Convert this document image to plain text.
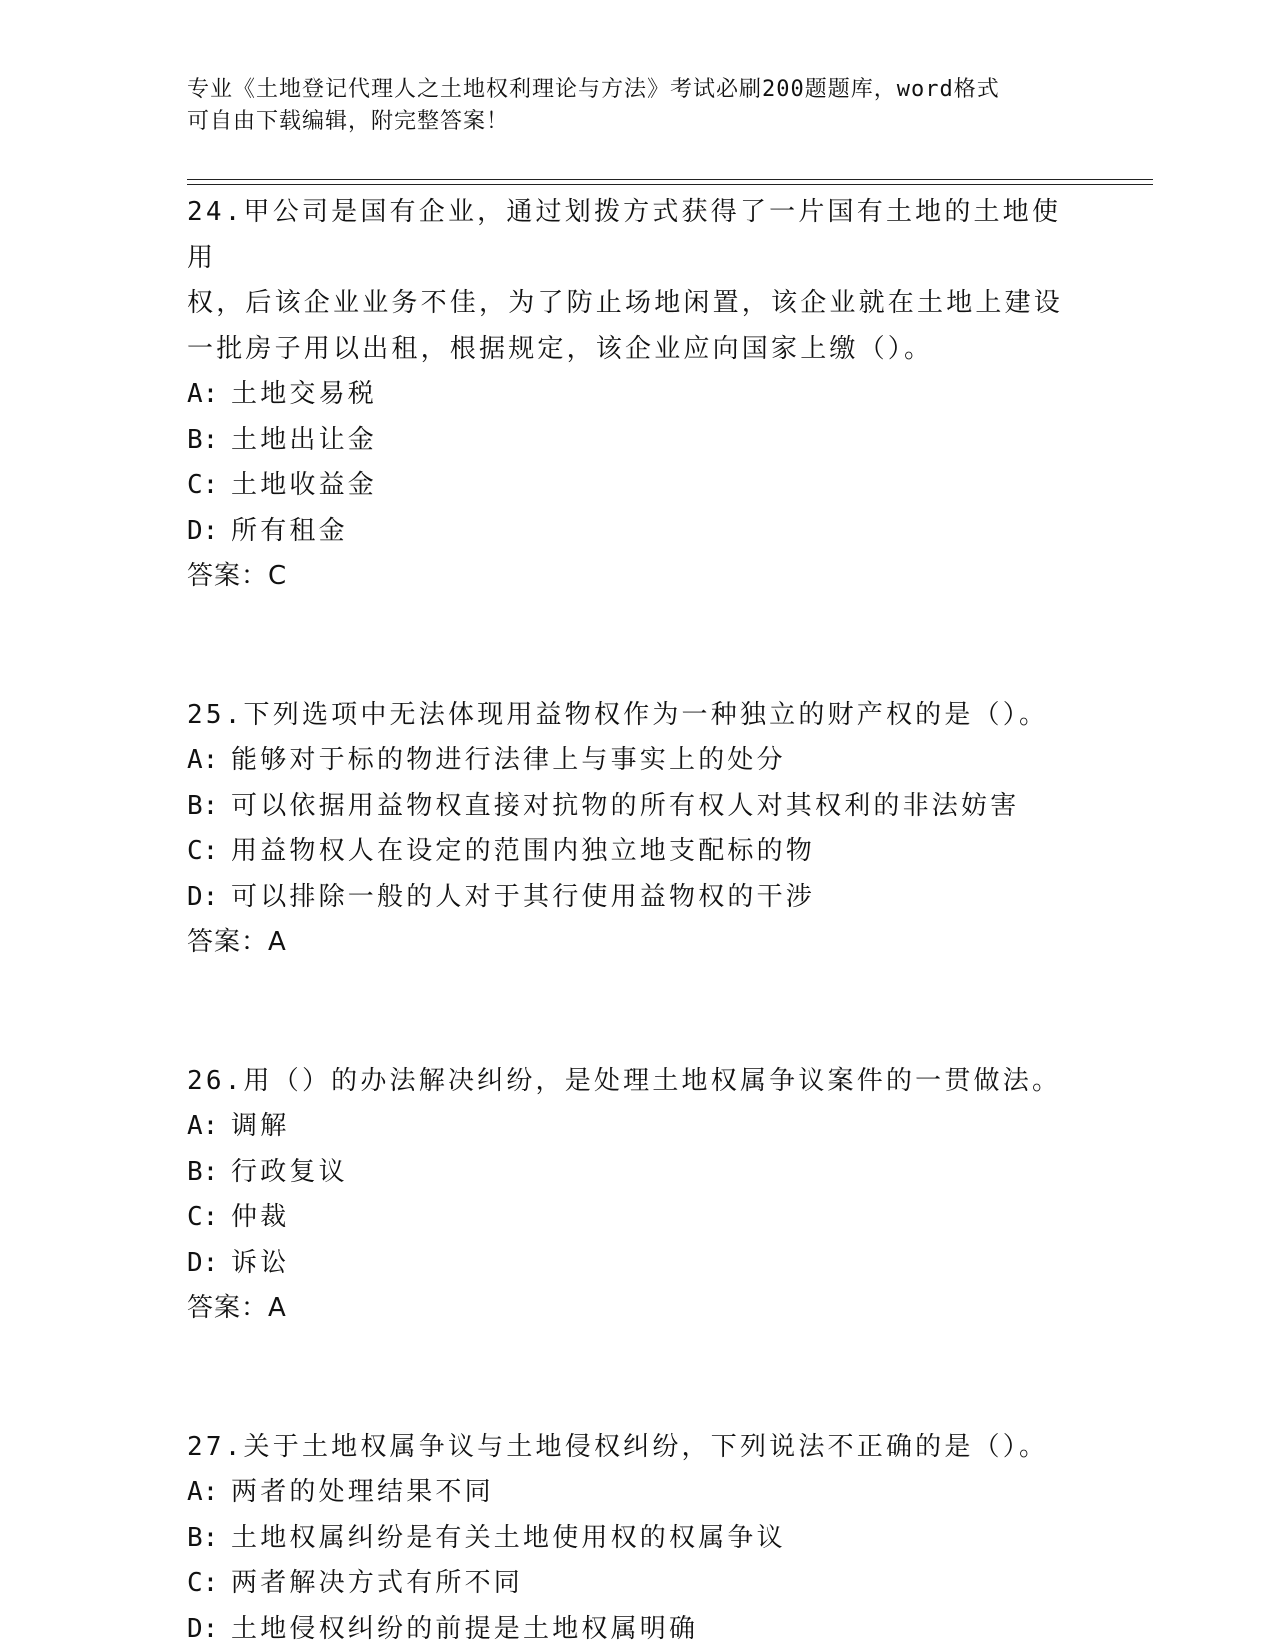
专业《土地登记代理人之土地权利理论与方法》考试必刷200题题库，word格式
可自由下载编辑，附完整答案！
24.甲公司是国有企业，通过划拨方式获得了一片国有土地的土地使用
权，后该企业业务不佳，为了防止场地闲置，该企业就在土地上建设
一批房子用以出租，根据规定，该企业应向国家上缴（）。
A: 土地交易税
B: 土地出让金
C: 土地收益金
D: 所有租金
答案：C
25.下列选项中无法体现用益物权作为一种独立的财产权的是（）。
A: 能够对于标的物进行法律上与事实上的处分
B: 可以依据用益物权直接对抗物的所有权人对其权利的非法妨害
C: 用益物权人在设定的范围内独立地支配标的物
D: 可以排除一般的人对于其行使用益物权的干涉
答案：A
26.用（）的办法解决纠纷，是处理土地权属争议案件的一贯做法。
A: 调解
B: 行政复议
C: 仲裁
D: 诉讼
答案：A
27.关于土地权属争议与土地侵权纠纷，下列说法不正确的是（）。
A: 两者的处理结果不同
B: 土地权属纠纷是有关土地使用权的权属争议
C: 两者解决方式有所不同
D: 土地侵权纠纷的前提是土地权属明确
